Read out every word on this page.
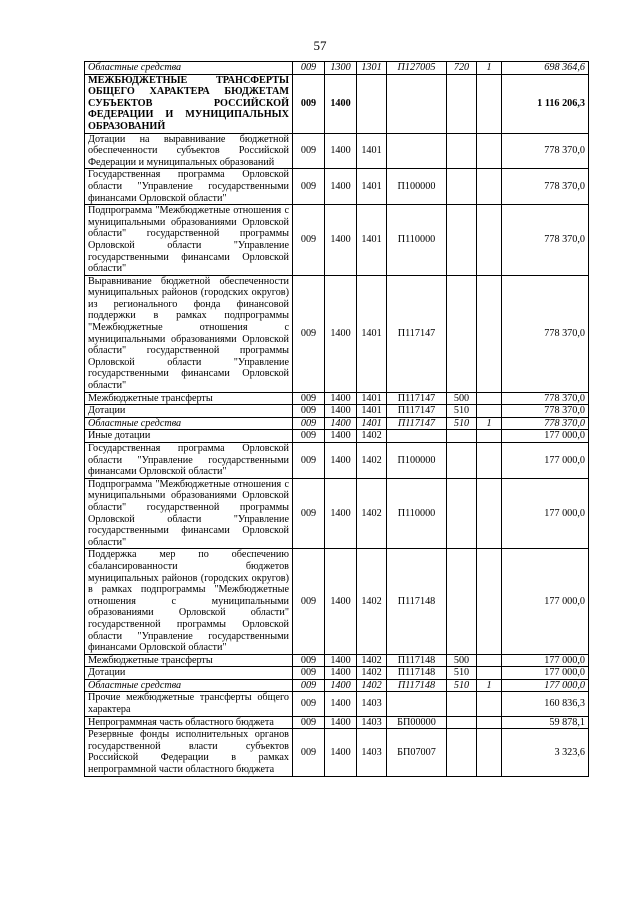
57
Областные средства	009	1300	1301	П127005	720	1	698 364,6
МЕЖБЮДЖЕТНЫЕ ТРАНСФЕРТЫ ОБЩЕГО ХАРАКТЕРА БЮДЖЕТАМ СУБЪЕКТОВ РОССИЙСКОЙ ФЕДЕРАЦИИ И МУНИЦИПАЛЬНЫХ ОБРАЗОВАНИЙ	009	1400					1 116 206,3
Дотации на выравнивание бюджетной обеспеченности субъектов Российской Федерации и муниципальных образований	009	1400	1401				778 370,0
Государственная программа Орловской области "Управление государственными финансами Орловской области"	009	1400	1401	П100000			778 370,0
Подпрограмма "Межбюджетные отношения с муниципальными образованиями Орловской области" государственной программы Орловской области "Управление государственными финансами Орловской области"	009	1400	1401	П110000			778 370,0
Выравнивание бюджетной обеспеченности муниципальных районов (городских округов) из регионального фонда финансовой поддержки в рамках подпрограммы "Межбюджетные отношения с муниципальными образованиями Орловской области" государственной программы Орловской области "Управление государственными финансами Орловской области"	009	1400	1401	П117147			778 370,0
Межбюджетные трансферты	009	1400	1401	П117147	500		778 370,0
Дотации	009	1400	1401	П117147	510		778 370,0
Областные средства	009	1400	1401	П117147	510	1	778 370,0
Иные дотации	009	1400	1402				177 000,0
Государственная программа Орловской области "Управление государственными финансами Орловской области"	009	1400	1402	П100000			177 000,0
Подпрограмма "Межбюджетные отношения с муниципальными образованиями Орловской области" государственной программы Орловской области "Управление государственными финансами Орловской области"	009	1400	1402	П110000			177 000,0
Поддержка мер по обеспечению сбалансированности бюджетов муниципальных районов (городских округов) в рамках подпрограммы "Межбюджетные отношения с муниципальными образованиями Орловской области" государственной программы Орловской области "Управление государственными финансами Орловской области"	009	1400	1402	П117148			177 000,0
Межбюджетные трансферты	009	1400	1402	П117148	500		177 000,0
Дотации	009	1400	1402	П117148	510		177 000,0
Областные средства	009	1400	1402	П117148	510	1	177 000,0
Прочие межбюджетные трансферты общего характера	009	1400	1403				160 836,3
Непрограммная часть областного бюджета	009	1400	1403	БП00000			59 878,1
Резервные фонды исполнительных органов государственной власти субъектов Российской Федерации в рамках непрограммной части областного бюджета	009	1400	1403	БП07007			3 323,6
